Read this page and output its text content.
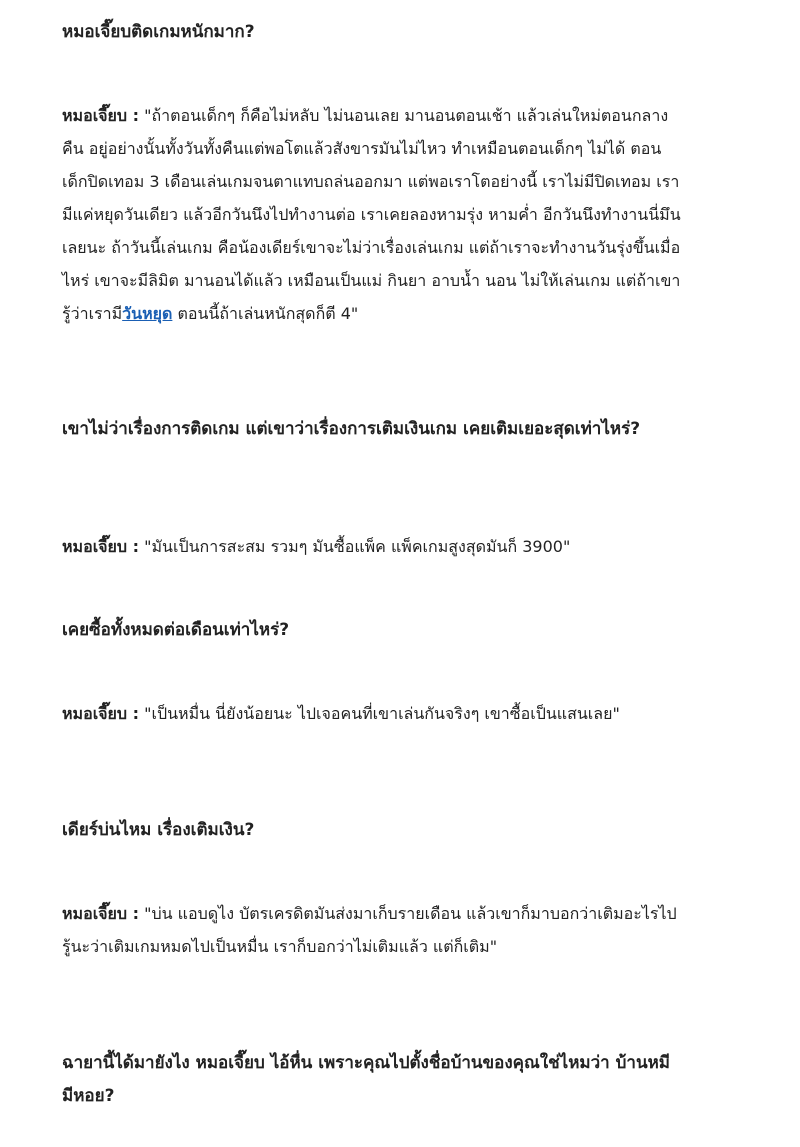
หมอเจี๊ยบติดเกมหนักมาก?

หมอเจี๊ยบ : "ถ้าตอนเด็กๆ ก็คือไม่หลับ ไม่นอนเลย มานอนตอนเช้า แล้วเล่นใหม่ตอนกลางคืน อยู่อย่างนั้นทั้งวันทั้งคืนแต่พอโตแล้วสังขารมันไม่ไหว ทำเหมือนตอนเด็กๆ ไม่ได้ ตอนเด็กปิดเทอม 3 เดือนเล่นเกมจนตาแทบถล่นออกมา แต่พอเราโตอย่างนี้ เราไม่มีปิดเทอม เรามีแค่หยุดวันเดียว แล้วอีกวันนึงไปทำงานต่อ เราเคยลองหามรุ่ง หามค่ำ อีกวันนึงทำงานนี่มึนเลยนะ ถ้าวันนี้เล่นเกม คือน้องเดียร์เขาจะไม่ว่าเรื่องเล่นเกม แต่ถ้าเราจะทำงานวันรุ่งขึ้นเมื่อไหร่ เขาจะมีลิมิต มานอนได้แล้ว เหมือนเป็นแม่ กินยา อาบน้ำ นอน ไม่ให้เล่นเกม แต่ถ้าเขารู้ว่าเรามีวันหยุด ตอนนี้ถ้าเล่นหนักสุดก็ตี 4"

เขาไม่ว่าเรื่องการติดเกม แต่เขาว่าเรื่องการเติมเงินเกม เคยเติมเยอะสุดเท่าไหร่?

หมอเจี๊ยบ : "มันเป็นการสะสม รวมๆ มันซื้อแพ็ค แพ็คเกมสูงสุดมันก็ 3900"

เคยซื้อทั้งหมดต่อเดือนเท่าไหร่?

หมอเจี๊ยบ : "เป็นหมื่น นี่ยังน้อยนะ ไปเจอคนที่เขาเล่นกันจริงๆ เขาซื้อเป็นแสนเลย"

เดียร์บ่นไหม เรื่องเติมเงิน?

หมอเจี๊ยบ : "บ่น แอบดูไง บัตรเครดิตมันส่งมาเก็บรายเดือน แล้วเขาก็มาบอกว่าเติมอะไรไป รู้นะว่าเติมเกมหมดไปเป็นหมื่น เราก็บอกว่าไม่เติมแล้ว แต่ก็เติม"

ฉายานี้ได้มายังไง หมอเจี๊ยบ ไอ้หื่น เพราะคุณไปตั้งชื่อบ้านของคุณใช่ไหมว่า บ้านหมี มีหอย?
